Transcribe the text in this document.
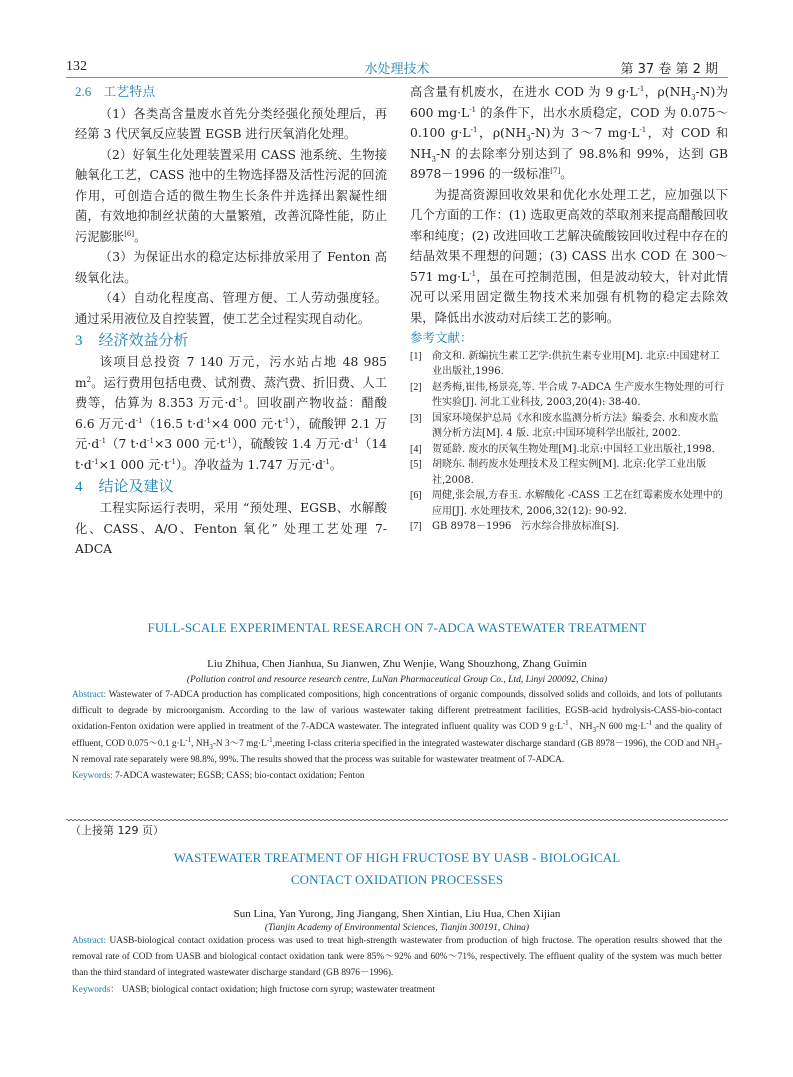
132	水处理技术	第 37 卷 第 2 期

2.6 工艺特点

（1）各类高含量废水首先分类经强化预处理后，再经第 3 代厌氧反应装置 EGSB 进行厌氧消化处理。

（2）好氧生化处理装置采用 CASS 池系统、生物接触氧化工艺，CASS 池中的生物选择器及活性污泥的回流作用，可创造合适的微生物生长条件并选择出絮凝性细菌，有效地抑制丝状菌的大量繁殖，改善沉降性能，防止污泥膨胀[6]。

（3）为保证出水的稳定达标排放采用了 Fenton 高级氧化法。

（4）自动化程度高、管理方便、工人劳动强度轻。通过采用液位及自控装置，使工艺全过程实现自动化。

3 经济效益分析

该项目总投资 7 140 万元，污水站占地 48 985 $m^2$。运行费用包括电费、试剂费、蒸汽费、折旧费、人工费等，估算为 8.353 万元$\cdot d^{-1}$。回收副产物收益：醋酸 6.6 万元$\cdot d^{-1}(16.5$ $t\cdot d^{-1}\times 4$ 000 元$\cdot t^{-1}$），硫酸钾 2.1 万元$\cdot d^{-1}(7$ $t\cdot d^{-1}\times 3$ 000 元$\cdot t^{-1}$），硫酸铵 1.4 万元$\cdot d^{-1}(14$ $t\cdot d^{-1}\times 1$ 000 元$\cdot t^{-1}$）。净收益为 1.747 万元$\cdot d^{-1}$。

4 结论及建议

工程实际运行表明，采用 “预处理、EGSB、水解酸化、CASS、A/O、Fenton 氧化” 处理工艺处理 7- ADCA

高含量有机废水，在进水 COD 为 9 $g\cdot L^{-1}$，$\rho(NH_3-N)$为 600 $mg\cdot L^{-1}$ 的条件下，出水水质稳定，COD 为 0.075～0.100 $g\cdot L^{-1}$，$\rho(NH_3-N)$为 3～7 $mg\cdot L^{-1}$，对 COD 和 $NH_3-N$ 的去除率分别达到了 98.8%和 99%，达到 GB 8978－1996 的一级标准[7]。

为提高资源回收效果和优化水处理工艺，应加强以下几个方面的工作：(1) 选取更高效的萃取剂来提高醋酸回收率和纯度；(2) 改进回收工艺解决硫酸铵回收过程中存在的结晶效果不理想的问题；(3) CASS 出水 COD 在 300～571 $mg\cdot L^{-1}$，虽在可控制范围，但是波动较大，针对此情况可以采用固定微生物技术来加强有机物的稳定去除效果，降低出水波动对后续工艺的影响。

参考文献：

[1] 俞文和. 新编抗生素工艺学:供抗生素专业用[M]. 北京:中国建材工业出版社,1996.

[2] 赵秀梅,崔伟,杨景亮,等. 半合成 7-ADCA 生产废水生物处理的可行性实验[J]. 河北工业科技, 2003,20(4): 38-40.

[3] 国家环境保护总局《水和废水监测分析方法》编委会. 水和废水监测分析方法[M]. 4 版. 北京:中国环境科学出版社, 2002.

[4] 贺延龄. 废水的厌氧生物处理[M].北京:中国轻工业出版社,1998.

[5] 胡晓东. 制药废水处理技术及工程实例[M]. 北京:化学工业出版社,2008.

[6] 周健,张会展,方春玉. 水解酸化 -CASS 工艺在红霉素废水处理中的应用[J]. 水处理技术, 2006,32(12): 90-92.

[7] GB 8978－1996　污水综合排放标准[S].

FULL-SCALE EXPERIMENTAL RESEARCH ON 7-ADCA WASTEWATER TREATMENT
Liu Zhihua, Chen Jianhua, Su Jianwen, Zhu Wenjie, Wang Shouzhong, Zhang Guimin
(Pollution control and resource research centre, LuNan Pharmaceutical Group Co., Ltd, Linyi 200092, China)
Abstract: Wastewater of 7-ADCA production has complicated compositions, high concentrations of organic compounds, dissolved solids and colloids, and lots of pollutants difficult to degrade by microorganism. According to the law of various wastewater taking different pretreatment facilities, EGSB-acid hydrolysis-CASS-bio-contact oxidation-Fenton oxidation were applied in treatment of the 7-ADCA wastewater. The integrated influent quality was COD 9 $g\cdot L^{-1}$、$NH_3-N$ 600 $mg\cdot L^{-1}$ and the quality of effluent, COD 0.075～0.1 $g\cdot L^{-1}$, $NH_3-N$ 3～7 $mg\cdot L^{-1},meeting$ I-class criteria specified in the integrated wastewater discharge standard (GB 8978－1996), the COD and $NH_3-N$ removal rate separately were 98.8%, 99%. The results showed that the process was suitable for wastewater treatment of 7-ADCA.
Keywords: 7-ADCA wastewater; EGSB; CASS; bio-contact oxidation; Fenton
（上接第 129 页）
WASTEWATER TREATMENT OF HIGH FRUCTOSE BY UASB - BIOLOGICAL
CONTACT OXIDATION PROCESSES
Sun Lina, Yan Yurong, Jing Jiangang, Shen Xintian, Liu Hua, Chen Xijian
(Tianjin Academy of Environmental Sciences, Tianjin 300191, China)
Abstract: UASB-biological contact oxidation process was used to treat high-strength wastewater from production of high fructose. The operation results showed that the removal rate of COD from UASB and biological contact oxidation tank were 85%～92% and 60%～71%, respectively. The effluent quality of the system was much better than the third standard of integrated wastewater discharge standard (GB 8976－1996).
Keywords： UASB; biological contact oxidation; high fructose corn syrup; wastewater treatment
